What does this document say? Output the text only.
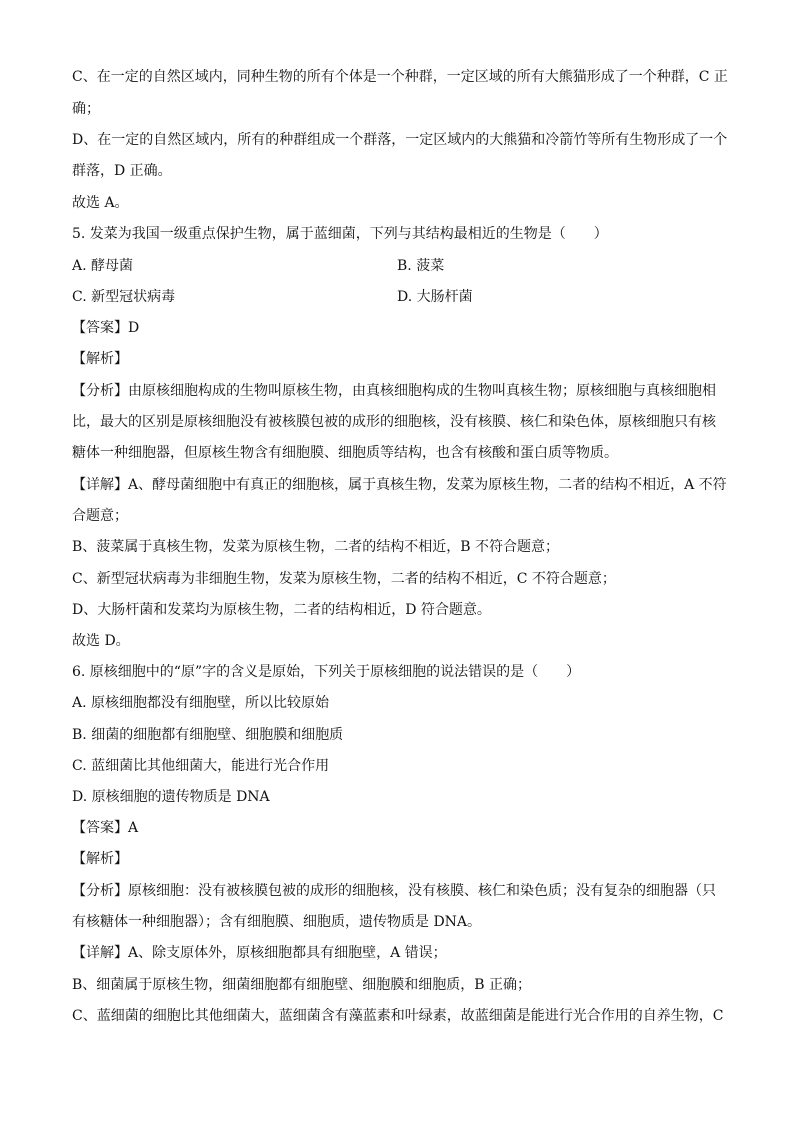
C、在一定的自然区域内，同种生物的所有个体是一个种群，一定区域的所有大熊猫形成了一个种群，C 正
确；
D、在一定的自然区域内，所有的种群组成一个群落，一定区域内的大熊猫和冷箭竹等所有生物形成了一个
群落，D 正确。
故选 A。
5. 发菜为我国一级重点保护生物，属于蓝细菌，下列与其结构最相近的生物是（　　）
A. 酵母菌	B. 菠菜
C. 新型冠状病毒	D. 大肠杆菌
【答案】D
【解析】
【分析】由原核细胞构成的生物叫原核生物，由真核细胞构成的生物叫真核生物；原核细胞与真核细胞相
比，最大的区别是原核细胞没有被核膜包被的成形的细胞核，没有核膜、核仁和染色体，原核细胞只有核
糖体一种细胞器，但原核生物含有细胞膜、细胞质等结构，也含有核酸和蛋白质等物质。
【详解】A、酵母菌细胞中有真正的细胞核，属于真核生物，发菜为原核生物，二者的结构不相近，A 不符
合题意；
B、菠菜属于真核生物，发菜为原核生物，二者的结构不相近，B 不符合题意；
C、新型冠状病毒为非细胞生物，发菜为原核生物，二者的结构不相近，C 不符合题意；
D、大肠杆菌和发菜均为原核生物，二者的结构相近，D 符合题意。
故选 D。
6. 原核细胞中的“原”字的含义是原始，下列关于原核细胞的说法错误的是（　　）
A. 原核细胞都没有细胞壁，所以比较原始
B. 细菌的细胞都有细胞壁、细胞膜和细胞质
C. 蓝细菌比其他细菌大，能进行光合作用
D. 原核细胞的遗传物质是 DNA
【答案】A
【解析】
【分析】原核细胞：没有被核膜包被的成形的细胞核，没有核膜、核仁和染色质；没有复杂的细胞器（只
有核糖体一种细胞器）；含有细胞膜、细胞质，遗传物质是 DNA。
【详解】A、除支原体外，原核细胞都具有细胞壁，A 错误；
B、细菌属于原核生物，细菌细胞都有细胞壁、细胞膜和细胞质，B 正确；
C、蓝细菌的细胞比其他细菌大，蓝细菌含有藻蓝素和叶绿素，故蓝细菌是能进行光合作用的自养生物，C
